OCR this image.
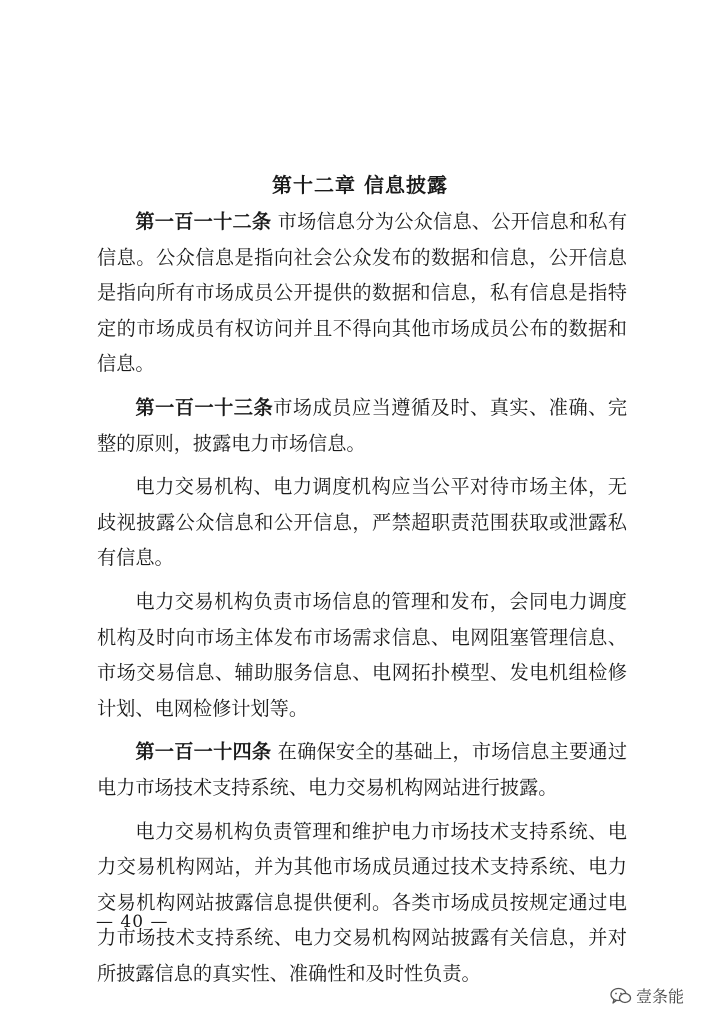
第十二章 信息披露

第一百一十二条 市场信息分为公众信息、公开信息和私有信息。公众信息是指向社会公众发布的数据和信息，公开信息是指向所有市场成员公开提供的数据和信息，私有信息是指特定的市场成员有权访问并且不得向其他市场成员公布的数据和信息。

第一百一十三条市场成员应当遵循及时、真实、准确、完整的原则，披露电力市场信息。

电力交易机构、电力调度机构应当公平对待市场主体，无歧视披露公众信息和公开信息，严禁超职责范围获取或泄露私有信息。

电力交易机构负责市场信息的管理和发布，会同电力调度机构及时向市场主体发布市场需求信息、电网阻塞管理信息、市场交易信息、辅助服务信息、电网拓扑模型、发电机组检修计划、电网检修计划等。

第一百一十四条 在确保安全的基础上，市场信息主要通过电力市场技术支持系统、电力交易机构网站进行披露。

电力交易机构负责管理和维护电力市场技术支持系统、电力交易机构网站，并为其他市场成员通过技术支持系统、电力交易机构网站披露信息提供便利。各类市场成员按规定通过电力市场技术支持系统、电力交易机构网站披露有关信息，并对所披露信息的真实性、准确性和及时性负责。

— 40 —
壹条能
